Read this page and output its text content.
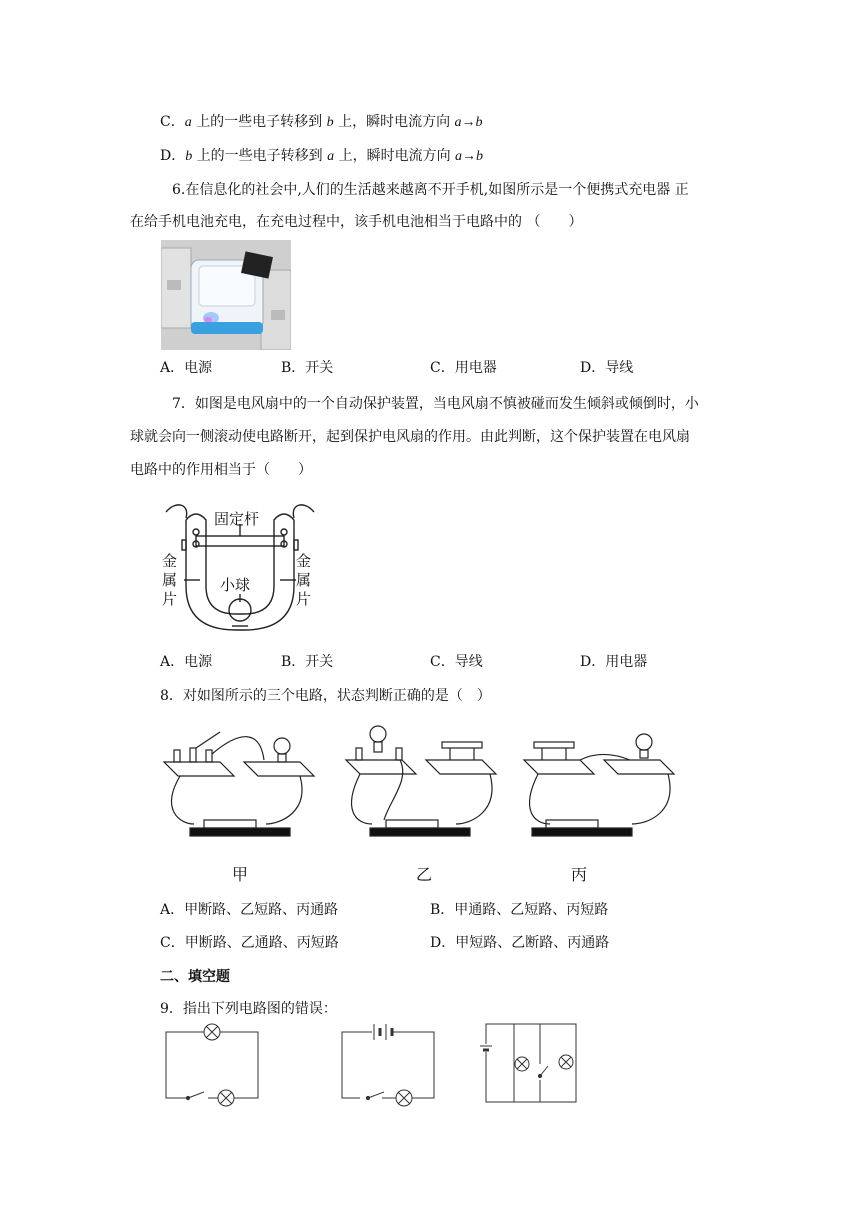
C．a 上的一些电子转移到 b 上，瞬时电流方向 a→b
D．b 上的一些电子转移到 a 上，瞬时电流方向 a→b
6.在信息化的社会中,人们的生活越来越离不开手机,如图所示是一个便携式充电器 正
在给手机电池充电，在充电过程中，该手机电池相当于电路中的 （　　）
A．电源	B．开关	C．用电器	D．导线
7．如图是电风扇中的一个自动保护装置，当电风扇不慎被碰而发生倾斜或倾倒时，小
球就会向一侧滚动使电路断开，起到保护电风扇的作用。由此判断，这个保护装置在电风扇
电路中的作用相当于（　　）
固定杆
小球
金
属
片
金
属
片
A．电源	B．开关	C．导线	D．用电器
8．对如图所示的三个电路，状态判断正确的是（　）
甲	乙	丙
A．甲断路、乙短路、丙通路	B．甲通路、乙短路、丙短路
C．甲断路、乙通路、丙短路	D．甲短路、乙断路、丙通路
二、填空题
9．指出下列电路图的错误：
